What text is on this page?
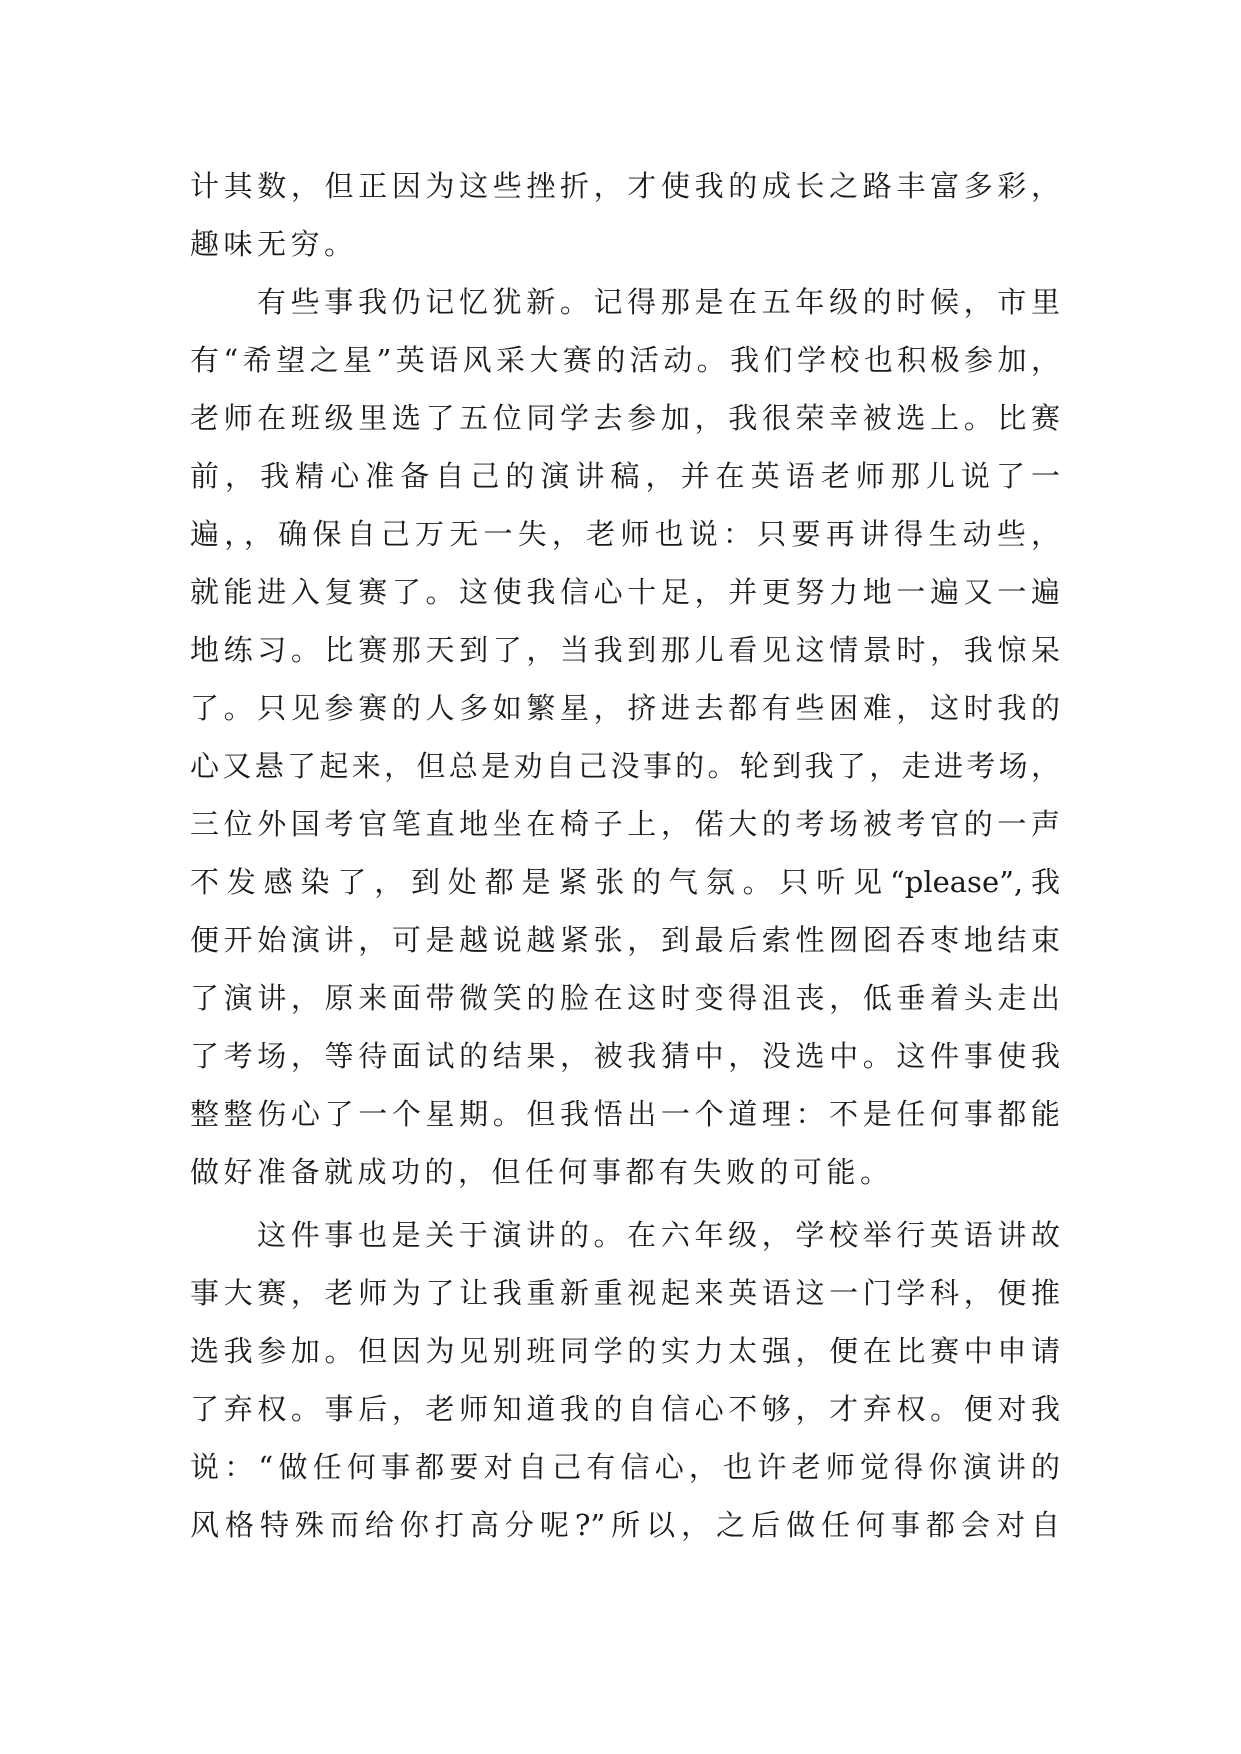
计其数，但正因为这些挫折，才使我的成长之路丰富多彩，
趣味无穷。
有些事我仍记忆犹新。记得那是在五年级的时候，市里
有“希望之星”英语风采大赛的活动。我们学校也积极参加，
老师在班级里选了五位同学去参加，我很荣幸被选上。比赛
前，我精心准备自己的演讲稿，并在英语老师那儿说了一
遍，，确保自己万无一失，老师也说：只要再讲得生动些，
就能进入复赛了。这使我信心十足，并更努力地一遍又一遍
地练习。比赛那天到了，当我到那儿看见这情景时，我惊呆
了。只见参赛的人多如繁星，挤进去都有些困难，这时我的
心又悬了起来，但总是劝自己没事的。轮到我了，走进考场，
三位外国考官笔直地坐在椅子上，偌大的考场被考官的一声
不发感染了，到处都是紧张的气氛。只听见“please”,我
便开始演讲，可是越说越紧张，到最后索性囫囵吞枣地结束
了演讲，原来面带微笑的脸在这时变得沮丧，低垂着头走出
了考场，等待面试的结果，被我猜中，没选中。这件事使我
整整伤心了一个星期。但我悟出一个道理：不是任何事都能
做好准备就成功的，但任何事都有失败的可能。
这件事也是关于演讲的。在六年级，学校举行英语讲故
事大赛，老师为了让我重新重视起来英语这一门学科，便推
选我参加。但因为见别班同学的实力太强，便在比赛中申请
了弃权。事后，老师知道我的自信心不够，才弃权。便对我
说：“做任何事都要对自己有信心，也许老师觉得你演讲的
风格特殊而给你打高分呢?”所以，之后做任何事都会对自
